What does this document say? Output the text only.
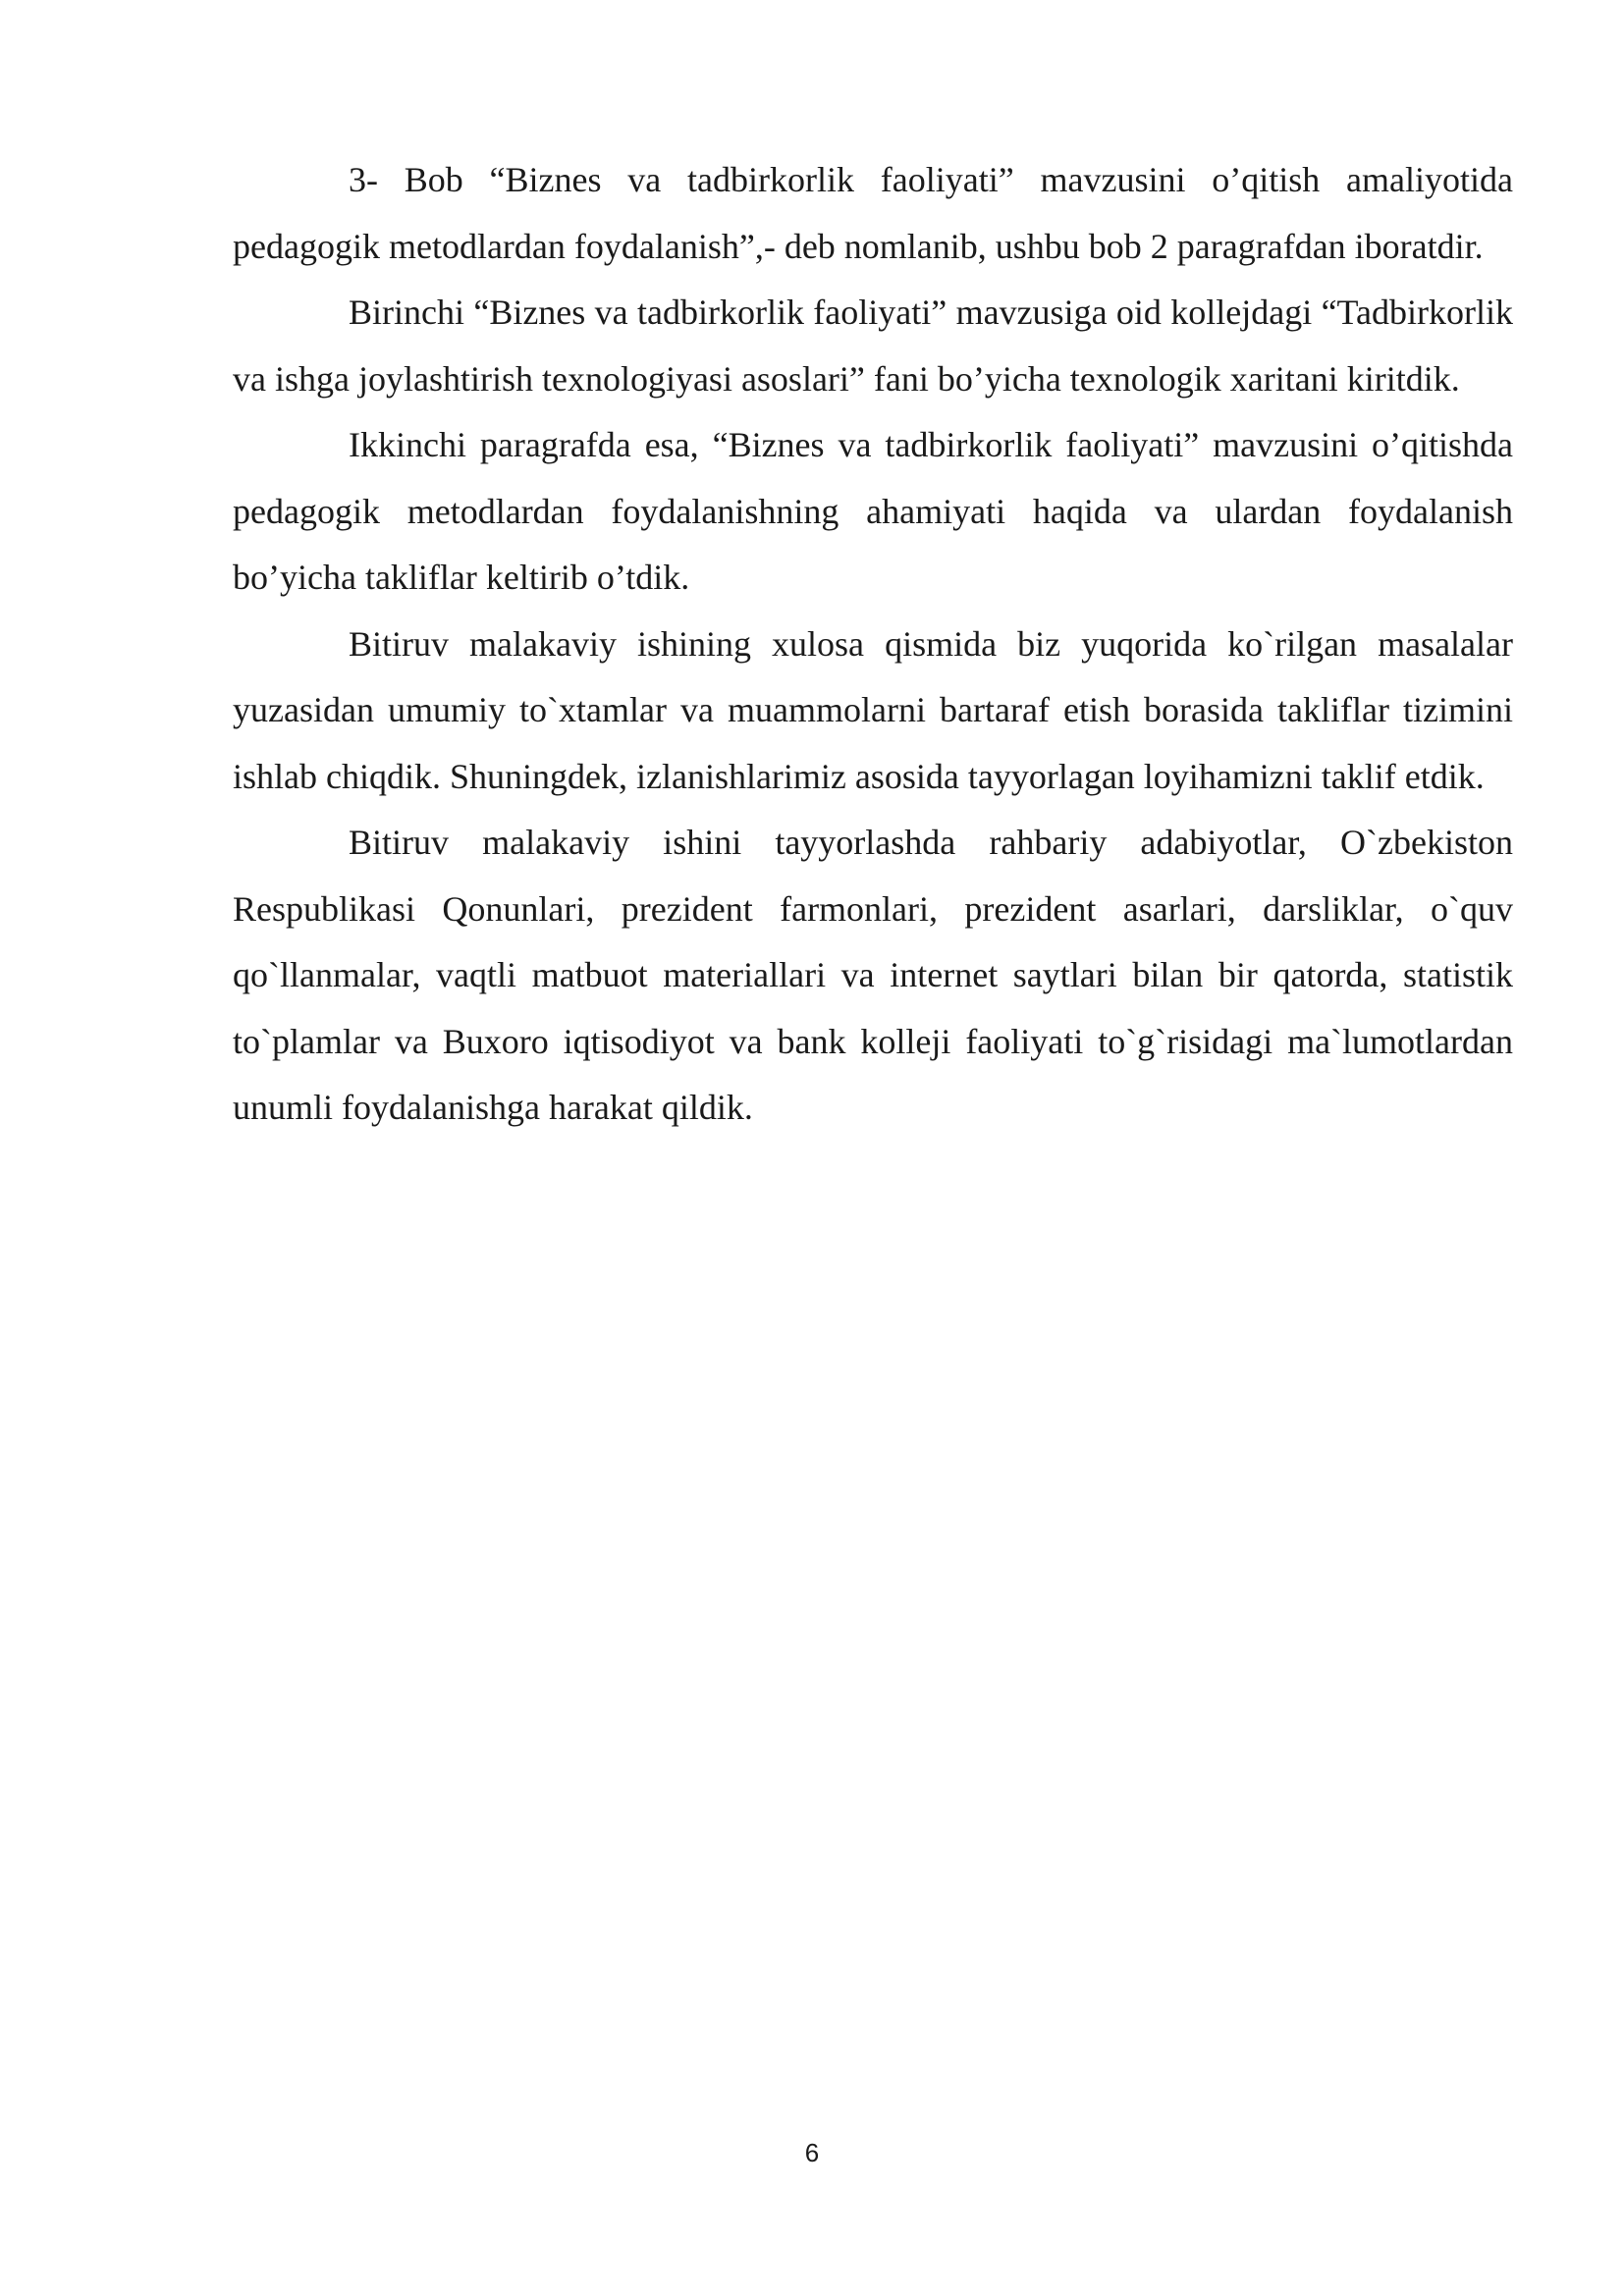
3- Bob “Biznes va tadbirkorlik faoliyati” mavzusini o’qitish amaliyotida pedagogik metodlardan foydalanish”,- deb nomlanib, ushbu bob 2 paragrafdan iboratdir.

Birinchi “Biznes va tadbirkorlik faoliyati” mavzusiga oid kollejdagi “Tadbirkorlik va ishga joylashtirish texnologiyasi asoslari” fani bo’yicha texnologik xaritani kiritdik.

Ikkinchi paragrafda esa, “Biznes va tadbirkorlik faoliyati” mavzusini o’qitishda pedagogik metodlardan foydalanishning ahamiyati haqida va ulardan foydalanish bo’yicha takliflar keltirib o’tdik.

Bitiruv malakaviy ishining xulosa qismida biz yuqorida ko`rilgan masalalar yuzasidan umumiy to`xtamlar va muammolarni bartaraf etish borasida takliflar tizimini ishlab chiqdik. Shuningdek, izlanishlarimiz asosida tayyorlagan loyihamizni taklif etdik.

Bitiruv malakaviy ishini tayyorlashda rahbariy adabiyotlar, O`zbekiston Respublikasi Qonunlari, prezident farmonlari, prezident asarlari, darsliklar, o`quv qo`llanmalar, vaqtli matbuot materiallari va internet saytlari bilan bir qatorda, statistik to`plamlar va Buxoro iqtisodiyot va bank kolleji faoliyati to`g`risidagi ma`lumotlardan unumli foydalanishga harakat qildik.

6
